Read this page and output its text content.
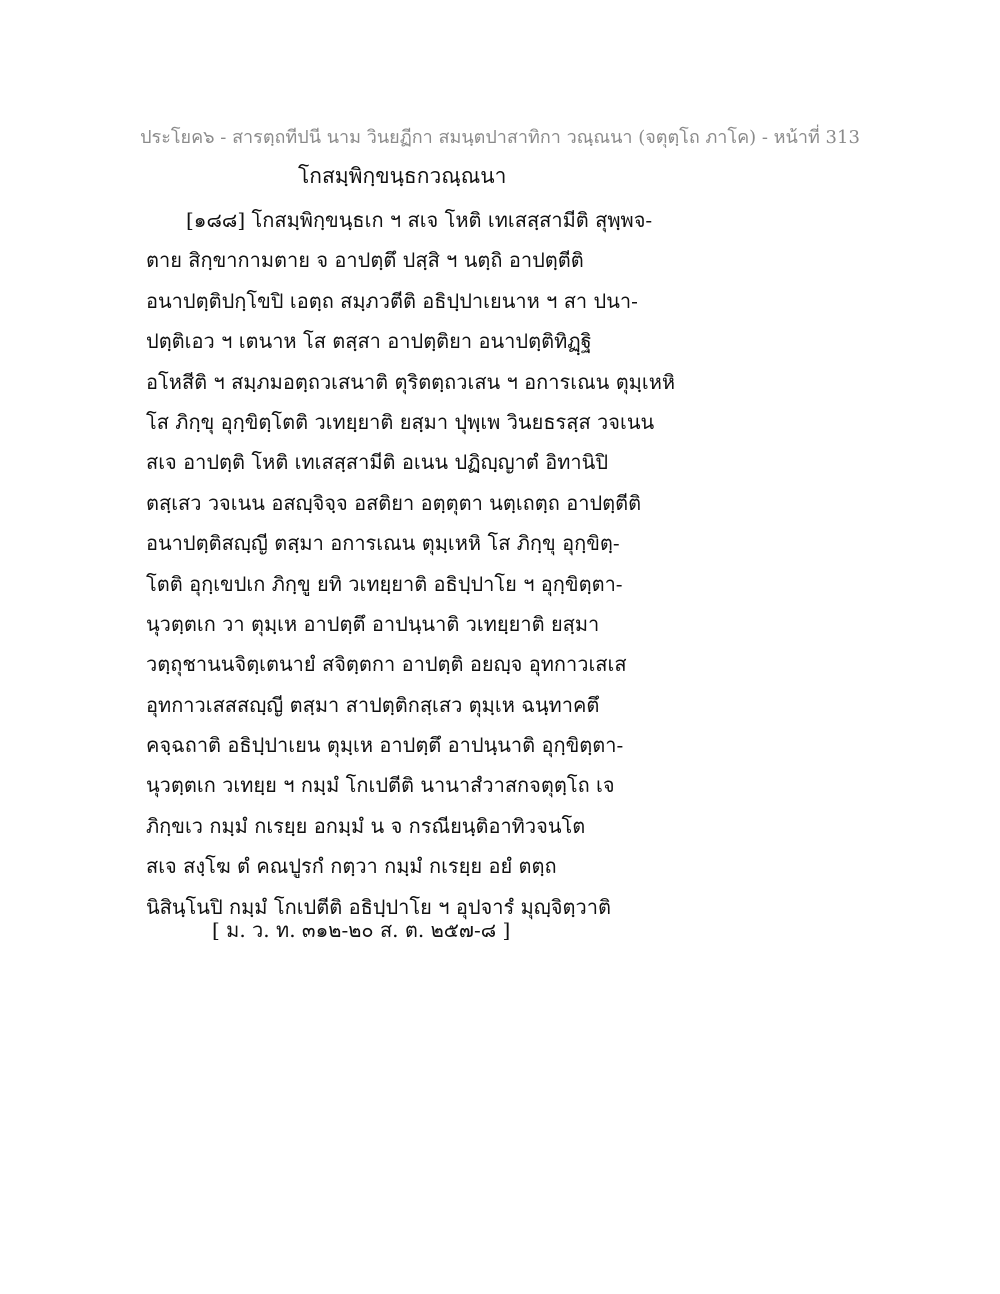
ประโยค๖ - สารตฺถทีปนี นาม วินยฏีกา สมนฺตปาสาทิกา วณฺณนา (จตุตฺโถ ภาโค) - หน้าที่ 313
โกสมฺพิกฺขนฺธกวณฺณนา
[๑๘๘] โกสมฺพิกฺขนฺธเก ฯ สเจ โหติ เทเสสฺสามีติ สุพฺพจ-
ตาย สิกฺขากามตาย จ อาปตฺตึ ปสฺสิ ฯ นตฺถิ อาปตฺตีติ
อนาปตฺติปกฺโขปิ เอตฺถ สมฺภวตีติ อธิปฺปาเยนาห ฯ สา ปนา-
ปตฺติเอว ฯ เตนาห โส ตสฺสา อาปตฺติยา อนาปตฺติทิฏฺฐิ
อโหสีติ ฯ สมฺภมอตฺถวเสนาติ ตุริตตฺถวเสน ฯ อการเณน ตุมฺเหหิ
โส ภิกฺขุ อุกฺขิตฺโตติ วเทยฺยาติ ยสฺมา ปุพฺเพ วินยธรสฺส วจเนน
สเจ อาปตฺติ โหติ เทเสสฺสามีติ อเนน ปฏิญฺญาตํ อิทานิปิ
ตสฺเสว วจเนน อสญฺจิจฺจ อสติยา อตฺตุตา นตฺเถตฺถ อาปตฺตีติ
อนาปตฺติสญฺญี ตสฺมา อการเณน ตุมฺเหหิ โส ภิกฺขุ อุกฺขิตฺ-
โตติ อุกฺเขปเก ภิกฺขู ยทิ วเทยฺยาติ อธิปฺปาโย ฯ อุกฺขิตฺตา-
นุวตฺตเก วา ตุมฺเห อาปตฺตึ อาปนฺนาติ วเทยฺยาติ ยสฺมา
วตฺถุชานนจิตฺเตนายํ สจิตฺตกา อาปตฺติ อยญฺจ อุทกาวเสเส
อุทกาวเสสสญฺญี ตสฺมา สาปตฺติกสฺเสว ตุมฺเห ฉนฺทาคตึ
คจฺฉถาติ อธิปฺปาเยน ตุมฺเห อาปตฺตึ อาปนฺนาติ อุกฺขิตฺตา-
นุวตฺตเก วเทยฺย ฯ กมฺมํ โกเปตีติ นานาสํวาสกจตุตฺโถ เจ
ภิกฺขเว กมฺมํ กเรยฺย อกมฺมํ น จ กรณียนฺติอาทิวจนโต
สเจ สงฺโฆ ตํ คณปูรกํ กตฺวา กมฺมํ กเรยฺย อยํ ตตฺถ
นิสินฺโนปิ กมฺมํ โกเปตีติ อธิปฺปาโย ฯ อุปจารํ มุญฺจิตฺวาติ
[ ม. ว. ท. ๓๑๒-๒๐ ส. ต. ๒๕๗-๘ ]
